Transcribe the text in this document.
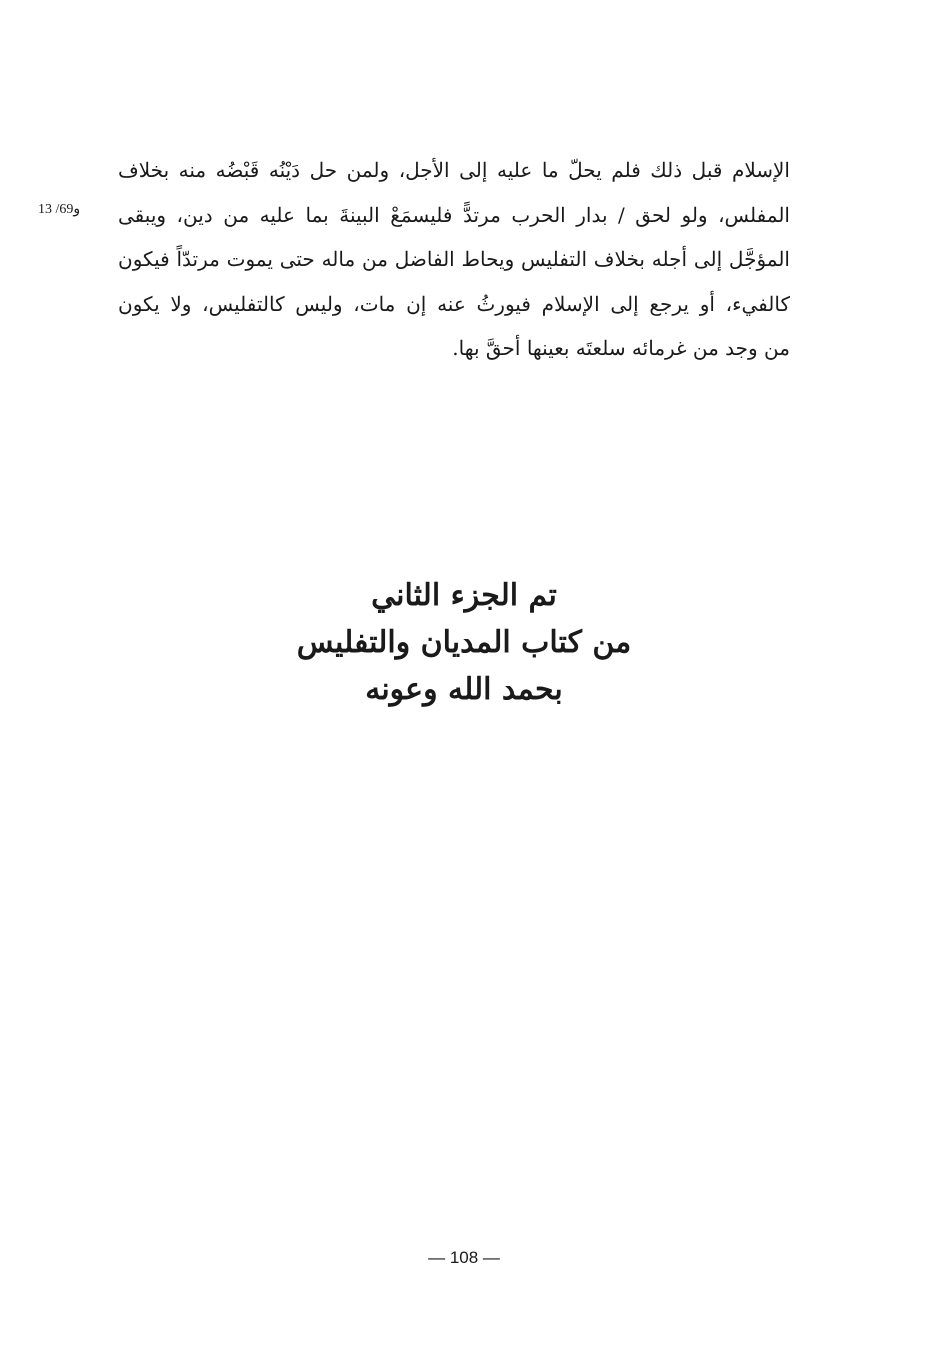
الإسلام قبل ذلك فلم يحلّ ما عليه إلى الأجل، ولمن حل دَيْنُه قَبْضُه منه بخلاف
المفلس، ولو لحق / بدار الحرب مرتدًّ فليسمَعْ البينةَ بما عليه من دين، ويبقى
المؤجَّل إلى أجله بخلاف التفليس ويحاط الفاضل من ماله حتى يموت مرتدّاً فيكون
كالفيء، أو يرجع إلى الإسلام فيورثُ عنه إن مات، وليس كالتفليس، ولا يكون
من وجد من غرمائه سلعتَه بعينها أحقَّ بها.
13 /69و
تم الجزء الثاني
من كتاب المديان والتفليس
بحمد الله وعونه
— 108 —
